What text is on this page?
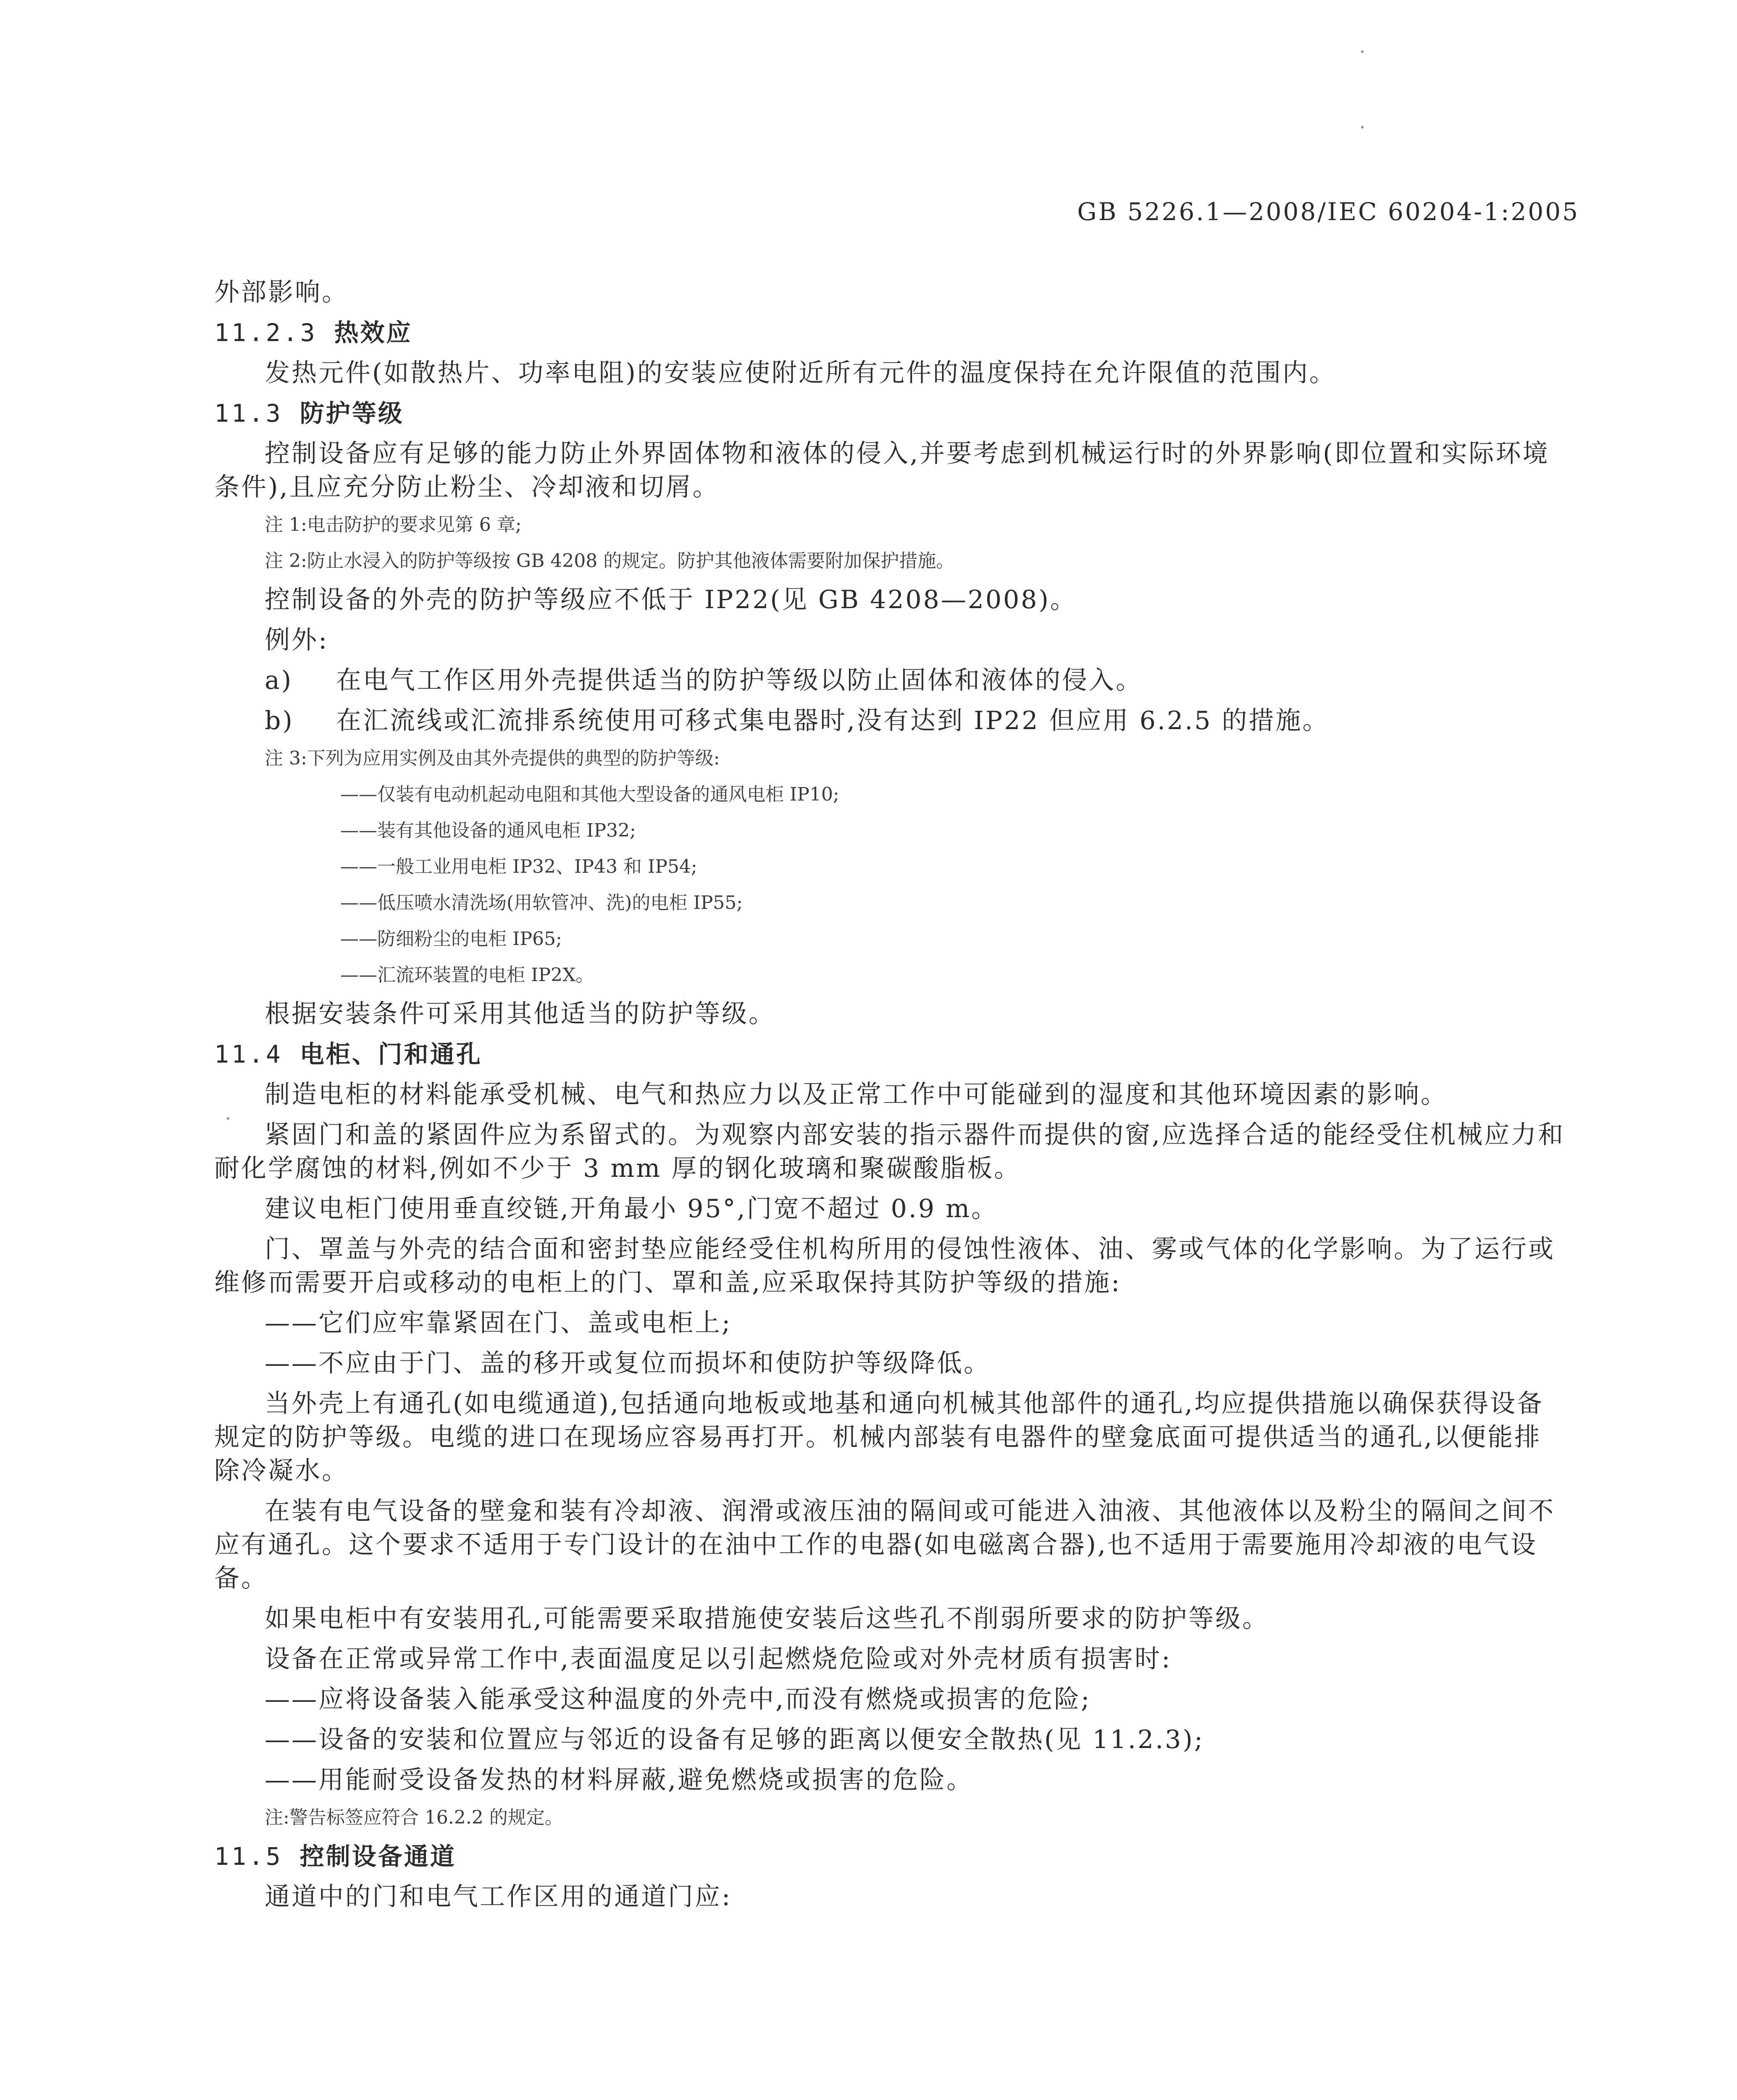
GB 5226.1—2008/IEC 60204-1:2005
外部影响。
11.2.3 热效应
发热元件(如散热片、功率电阻)的安装应使附近所有元件的温度保持在允许限值的范围内。
11.3 防护等级
控制设备应有足够的能力防止外界固体物和液体的侵入,并要考虑到机械运行时的外界影响(即位置和实际环境条件),且应充分防止粉尘、冷却液和切屑。
注 1:电击防护的要求见第 6 章;
注 2:防止水浸入的防护等级按 GB 4208 的规定。防护其他液体需要附加保护措施。
控制设备的外壳的防护等级应不低于 IP22(见 GB 4208—2008)。
例外:
a) 在电气工作区用外壳提供适当的防护等级以防止固体和液体的侵入。
b) 在汇流线或汇流排系统使用可移式集电器时,没有达到 IP22 但应用 6.2.5 的措施。
注 3:下列为应用实例及由其外壳提供的典型的防护等级:
——仅装有电动机起动电阻和其他大型设备的通风电柜 IP10;
——装有其他设备的通风电柜 IP32;
——一般工业用电柜 IP32、IP43 和 IP54;
——低压喷水清洗场(用软管冲、洗)的电柜 IP55;
——防细粉尘的电柜 IP65;
——汇流环装置的电柜 IP2X。
根据安装条件可采用其他适当的防护等级。
11.4 电柜、门和通孔
制造电柜的材料能承受机械、电气和热应力以及正常工作中可能碰到的湿度和其他环境因素的影响。
紧固门和盖的紧固件应为系留式的。为观察内部安装的指示器件而提供的窗,应选择合适的能经受住机械应力和耐化学腐蚀的材料,例如不少于 3 mm 厚的钢化玻璃和聚碳酸脂板。
建议电柜门使用垂直绞链,开角最小 95°,门宽不超过 0.9 m。
门、罩盖与外壳的结合面和密封垫应能经受住机构所用的侵蚀性液体、油、雾或气体的化学影响。为了运行或维修而需要开启或移动的电柜上的门、罩和盖,应采取保持其防护等级的措施:
——它们应牢靠紧固在门、盖或电柜上;
——不应由于门、盖的移开或复位而损坏和使防护等级降低。
当外壳上有通孔(如电缆通道),包括通向地板或地基和通向机械其他部件的通孔,均应提供措施以确保获得设备规定的防护等级。电缆的进口在现场应容易再打开。机械内部装有电器件的壁龛底面可提供适当的通孔,以便能排除冷凝水。
在装有电气设备的壁龛和装有冷却液、润滑或液压油的隔间或可能进入油液、其他液体以及粉尘的隔间之间不应有通孔。这个要求不适用于专门设计的在油中工作的电器(如电磁离合器),也不适用于需要施用冷却液的电气设备。
如果电柜中有安装用孔,可能需要采取措施使安装后这些孔不削弱所要求的防护等级。
设备在正常或异常工作中,表面温度足以引起燃烧危险或对外壳材质有损害时:
——应将设备装入能承受这种温度的外壳中,而没有燃烧或损害的危险;
——设备的安装和位置应与邻近的设备有足够的距离以便安全散热(见 11.2.3);
——用能耐受设备发热的材料屏蔽,避免燃烧或损害的危险。
注:警告标签应符合 16.2.2 的规定。
11.5 控制设备通道
通道中的门和电气工作区用的通道门应:
